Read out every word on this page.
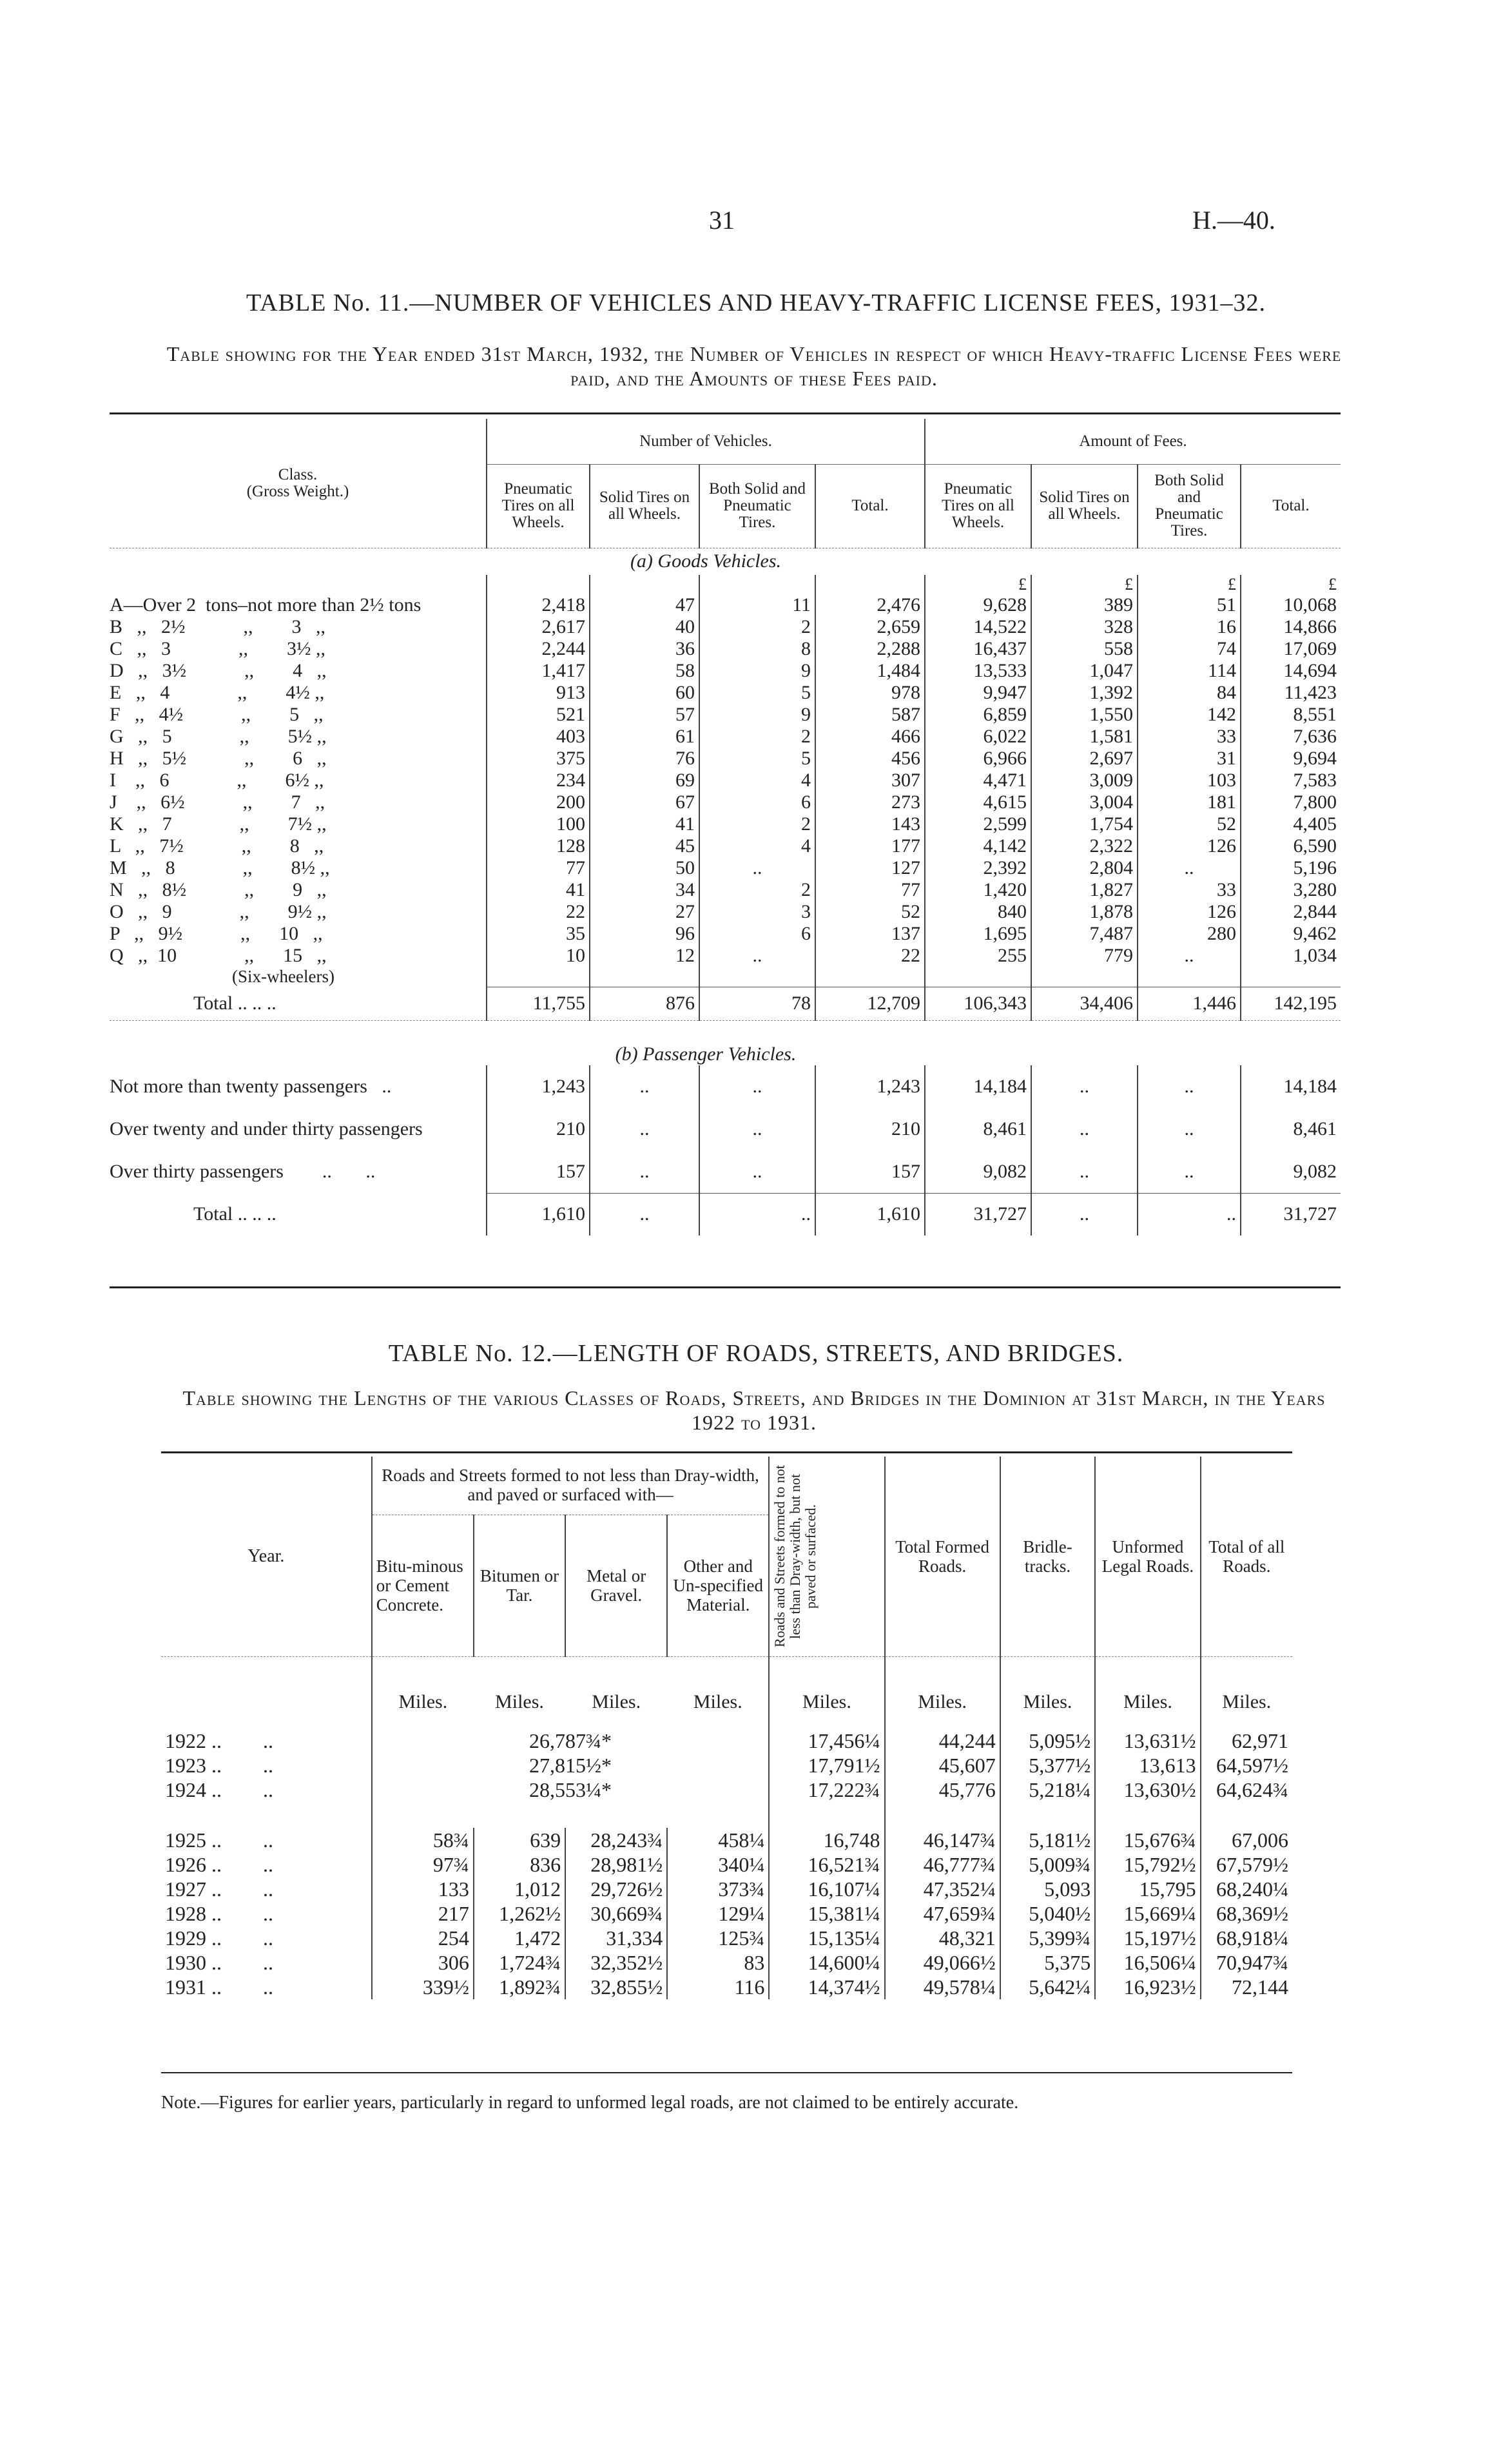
31	H.—40.
TABLE No. 11.—NUMBER OF VEHICLES AND HEAVY-TRAFFIC LICENSE FEES, 1931–32.
Table showing for the Year ended 31st March, 1932, the Number of Vehicles in respect of which Heavy-traffic License Fees were paid, and the Amounts of these Fees paid.
Class.
(Gross Weight.)	Number of Vehicles.				Amount of Fees.			
	Pneumatic Tires on all Wheels.	Solid Tires on all Wheels.	Both Solid and Pneumatic Tires.	Total.	Pneumatic Tires on all Wheels.	Solid Tires on all Wheels.	Both Solid and Pneumatic Tires.	Total.
	(a) Goods Vehicles.							
					£	£	£	£
A—Over 2  tons–not more than 2½ tons	2,418	47	11	2,476	9,628	389	51	10,068
B   ,,   2½            ,,        3   ,,	2,617	40	2	2,659	14,522	328	16	14,866
C   ,,   3              ,,        3½ ,,	2,244	36	8	2,288	16,437	558	74	17,069
D   ,,   3½            ,,        4   ,,	1,417	58	9	1,484	13,533	1,047	114	14,694
E   ,,   4              ,,        4½ ,,	913	60	5	978	9,947	1,392	84	11,423
F   ,,   4½            ,,        5   ,,	521	57	9	587	6,859	1,550	142	8,551
G   ,,   5              ,,        5½ ,,	403	61	2	466	6,022	1,581	33	7,636
H   ,,   5½            ,,        6   ,,	375	76	5	456	6,966	2,697	31	9,694
I    ,,   6              ,,        6½ ,,	234	69	4	307	4,471	3,009	103	7,583
J    ,,   6½            ,,        7   ,,	200	67	6	273	4,615	3,004	181	7,800
K   ,,   7              ,,        7½ ,,	100	41	2	143	2,599	1,754	52	4,405
L   ,,   7½            ,,        8   ,,	128	45	4	177	4,142	2,322	126	6,590
M   ,,   8              ,,        8½ ,,	77	50	..	127	2,392	2,804	..	5,196
N   ,,   8½            ,,        9   ,,	41	34	2	77	1,420	1,827	33	3,280
O   ,,   9              ,,        9½ ,,	22	27	3	52	840	1,878	126	2,844
P   ,,   9½            ,,      10   ,,	35	96	6	137	1,695	7,487	280	9,462
Q   ,,  10              ,,      15   ,,	10	12	..	22	255	779	..	1,034
(Six-wheelers)								
Total .. .. ..	11,755	876	78	12,709	106,343	34,406	1,446	142,195
	(b) Passenger Vehicles.							
Not more than twenty passengers   ..	1,243	..	..	1,243	14,184	..	..	14,184
Over twenty and under thirty passengers	210	..	..	210	8,461	..	..	8,461
Over thirty passengers        ..       ..	157	..	..	157	9,082	..	..	9,082
Total .. .. ..	1,610	..	..	1,610	31,727	..	..	31,727
TABLE No. 12.—LENGTH OF ROADS, STREETS, AND BRIDGES.
Table showing the Lengths of the various Classes of Roads, Streets, and Bridges in the Dominion at 31st March, in the Years 1922 to 1931.
Year.	Roads and Streets formed to not less than Dray-width, and paved or surfaced with—				Roads and Streets formed to not less than Dray-width, but not paved or surfaced.	Total Formed Roads.	Bridle-tracks.	Unformed Legal Roads.	Total of all Roads.
	Bitu-minous or Cement Concrete.	Bitumen or Tar.	Metal or Gravel.	Other and Un-specified Material.					
	Miles.	Miles.	Miles.	Miles.	Miles.	Miles.	Miles.	Miles.	Miles.

1922 ..        ..	26,787¾*				17,456¼	44,244	5,095½	13,631½	62,971
1923 ..        ..	27,815½*				17,791½	45,607	5,377½	13,613	64,597½
1924 ..        ..	28,553¼*				17,222¾	45,776	5,218¼	13,630½	64,624¾

1925 ..        ..	58¾	639	28,243¾	458¼	16,748	46,147¾	5,181½	15,676¾	67,006
1926 ..        ..	97¾	836	28,981½	340¼	16,521¾	46,777¾	5,009¾	15,792½	67,579½
1927 ..        ..	133	1,012	29,726½	373¾	16,107¼	47,352¼	5,093	15,795	68,240¼
1928 ..        ..	217	1,262½	30,669¾	129¼	15,381¼	47,659¾	5,040½	15,669¼	68,369½
1929 ..        ..	254	1,472	31,334	125¾	15,135¼	48,321	5,399¾	15,197½	68,918¼
1930 ..        ..	306	1,724¾	32,352½	83	14,600¼	49,066½	5,375	16,506¼	70,947¾
1931 ..        ..	339½	1,892¾	32,855½	116	14,374½	49,578¼	5,642¼	16,923½	72,144
Note.—Figures for earlier years, particularly in regard to unformed legal roads, are not claimed to be entirely accurate.
